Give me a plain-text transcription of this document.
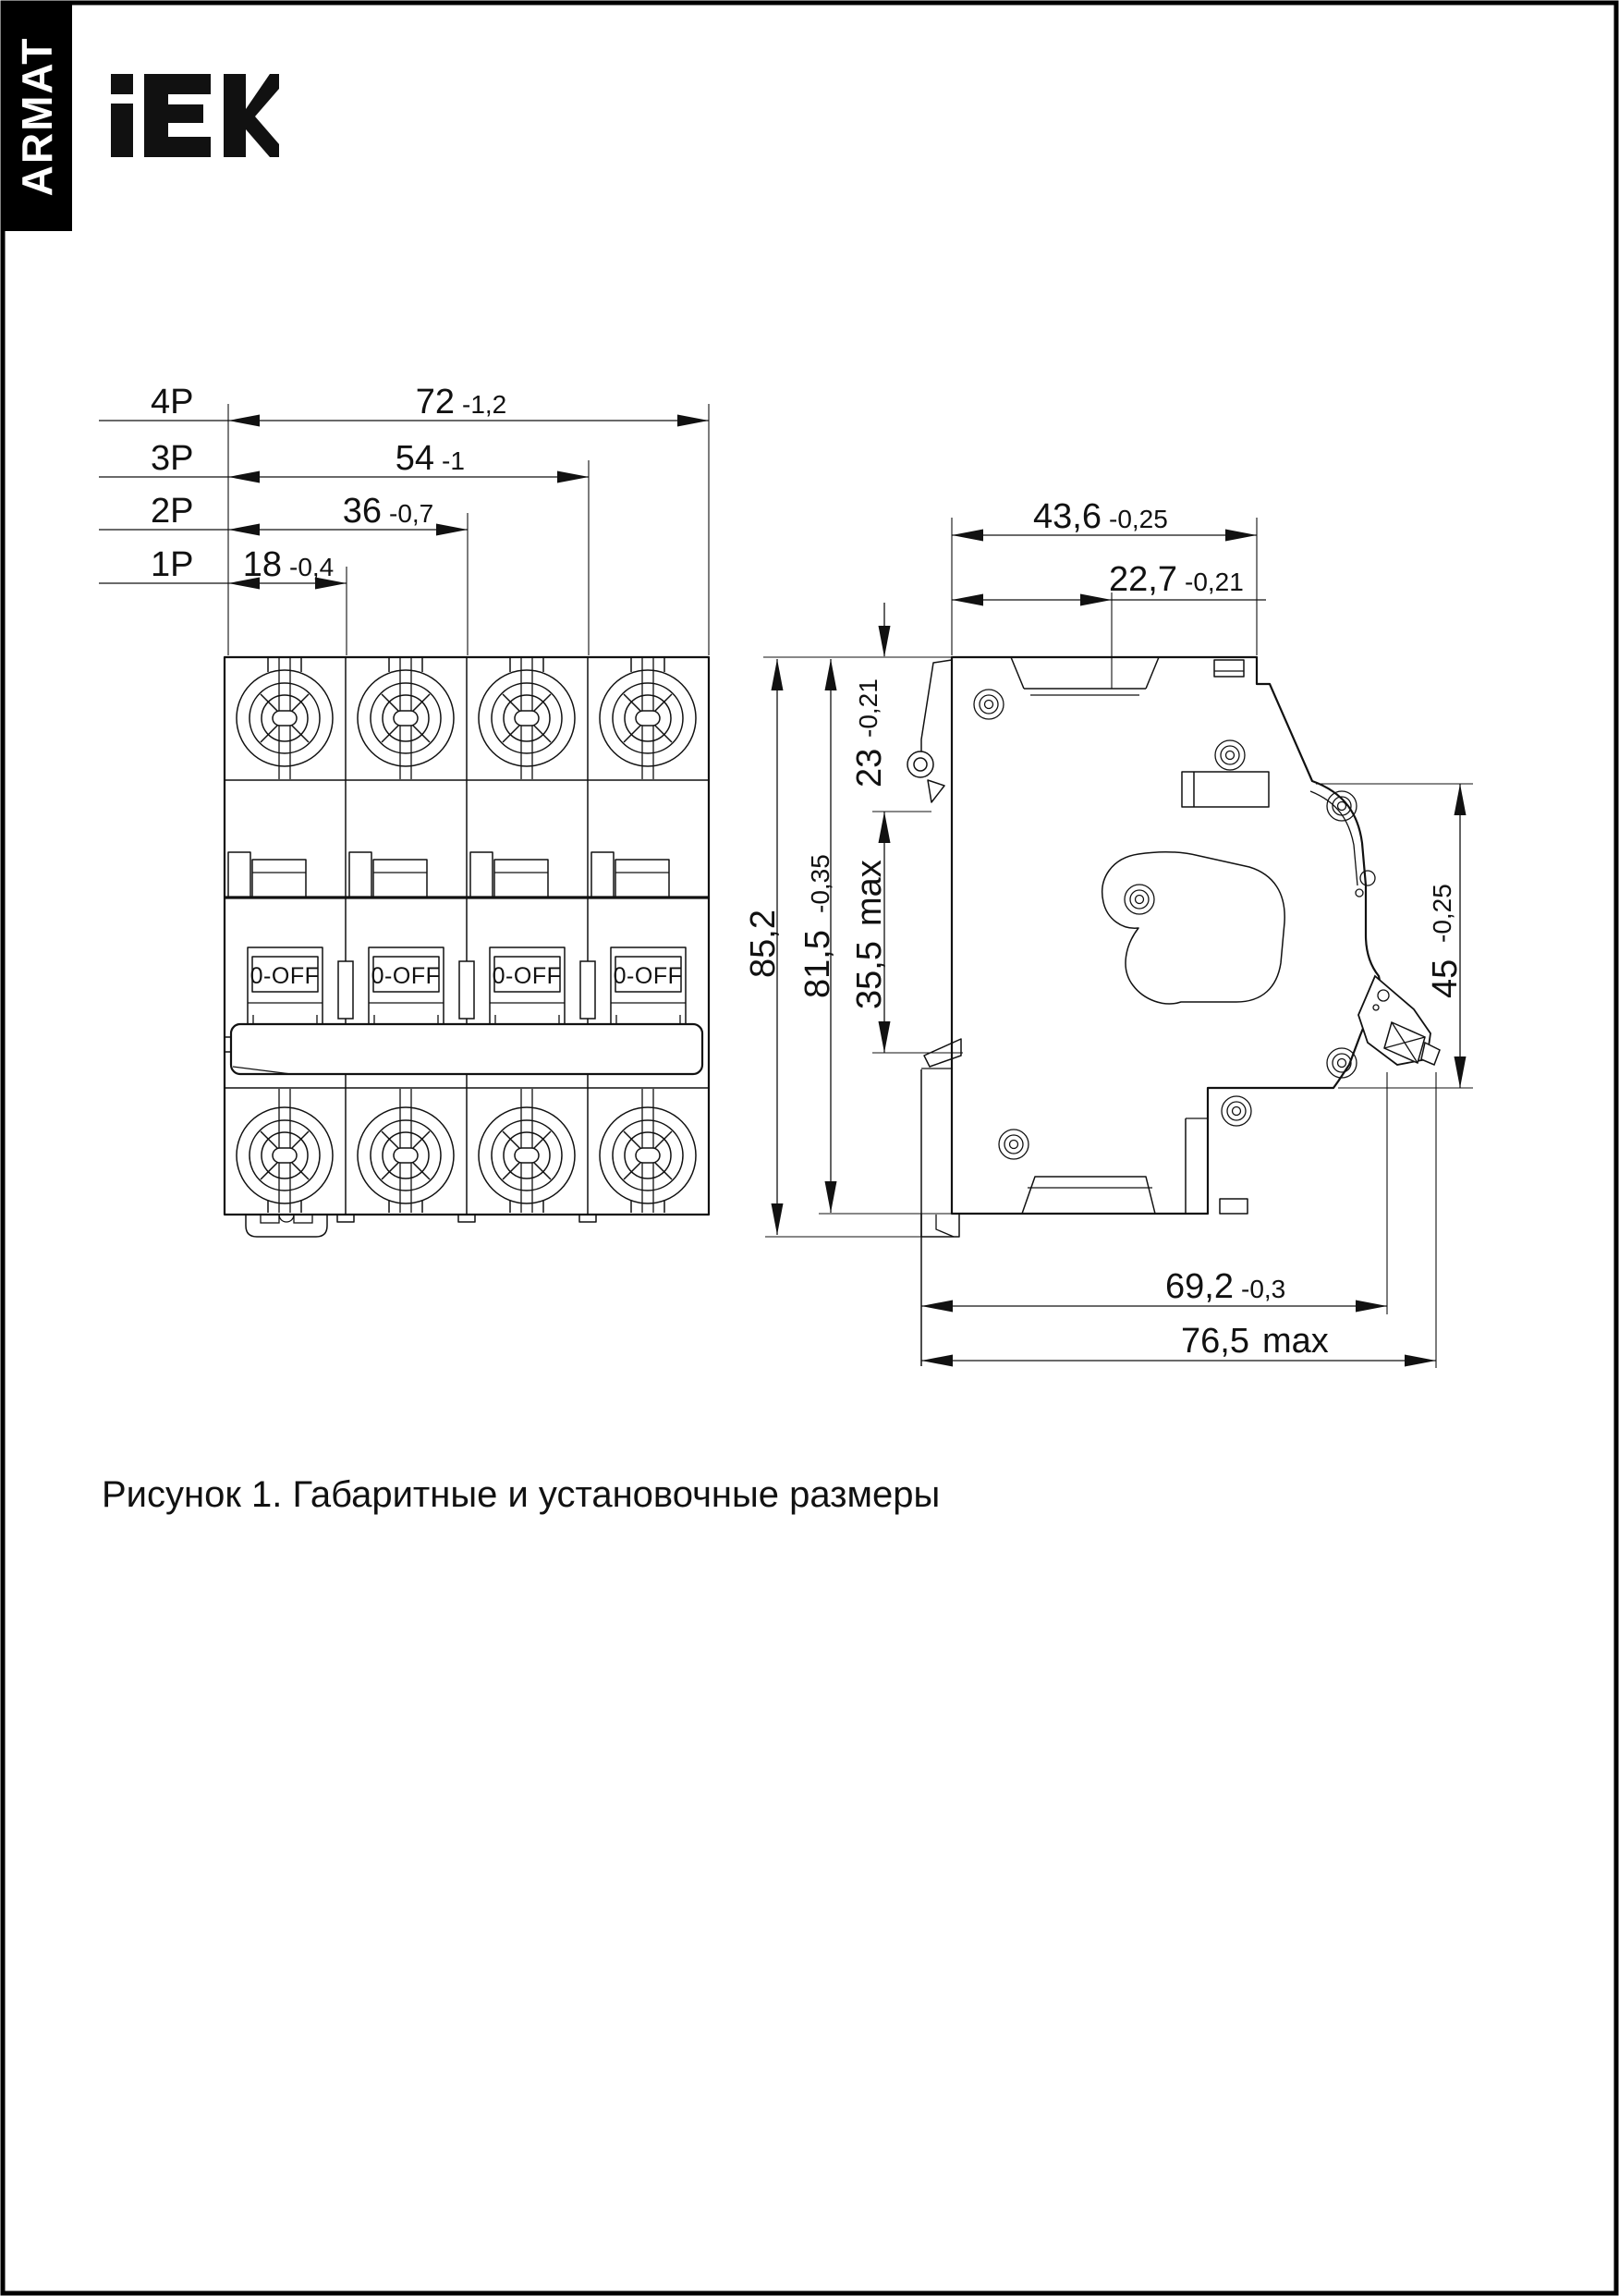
ARMAT
4P
3P
2P
1P
72 -1,2
54 -1
36 -0,7
18 -0,4
0-OFF 0-OFF 0-OFF 0-OFF
43,6 -0,25
22,7 -0,21
85,2 81,5
-0,35
23
-0,21
35,5
max
45
-0,25
69,2 -0,3
76,5 max
Рисунок 1. Габаритные и установочные размеры
